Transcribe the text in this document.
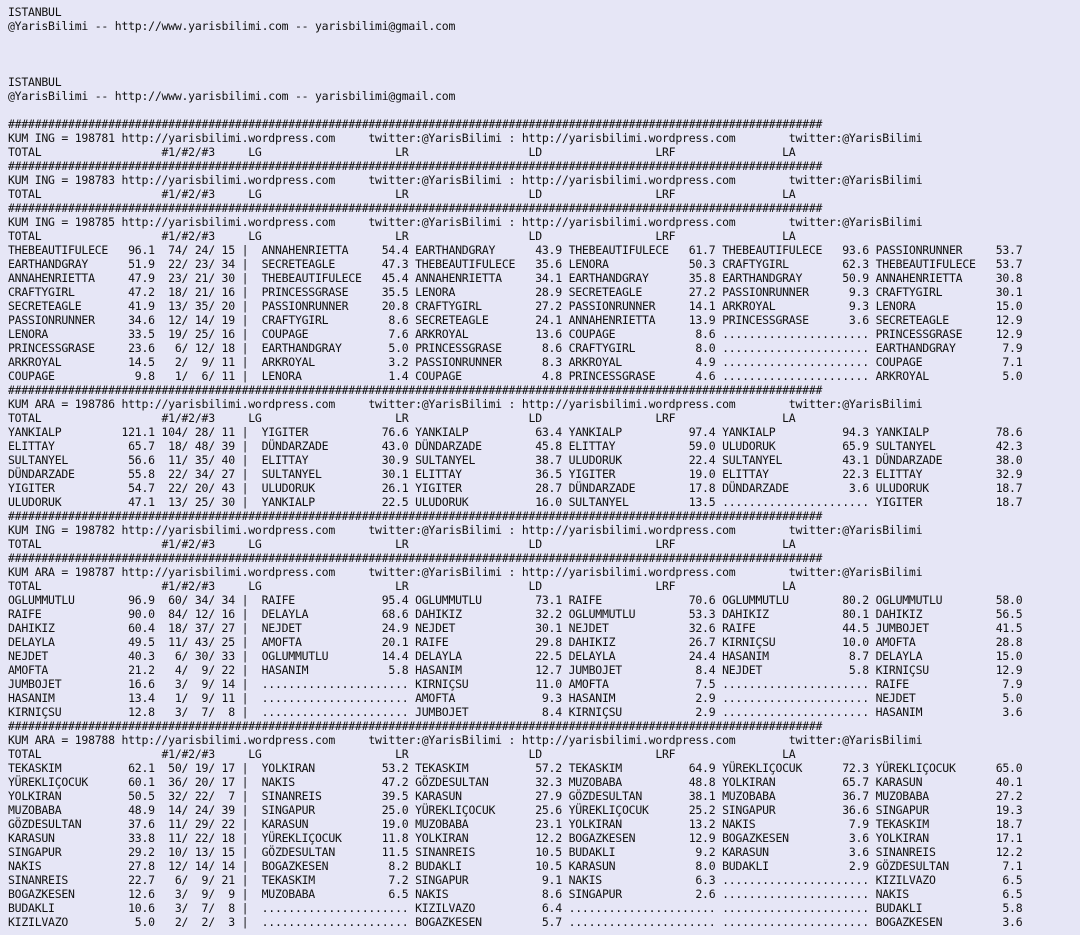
ISTANBUL
@YarisBilimi -- http://www.yarisbilimi.com -- yarisbilimi@gmail.com
ISTANBUL
@YarisBilimi -- http://www.yarisbilimi.com -- yarisbilimi@gmail.com
##########################################################################################################################
KUM ING = 198781 http://yarisbilimi.wordpress.com     twitter:@YarisBilimi : http://yarisbilimi.wordpress.com        twitter:@YarisBilimi
TOTAL                  #1/#2/#3     LG                    LR                  LD                 LRF                LA
##########################################################################################################################
KUM ING = 198783 http://yarisbilimi.wordpress.com     twitter:@YarisBilimi : http://yarisbilimi.wordpress.com        twitter:@YarisBilimi
TOTAL                  #1/#2/#3     LG                    LR                  LD                 LRF                LA
##########################################################################################################################
KUM ING = 198785 http://yarisbilimi.wordpress.com     twitter:@YarisBilimi : http://yarisbilimi.wordpress.com        twitter:@YarisBilimi
TOTAL                  #1/#2/#3     LG                    LR                  LD                 LRF                LA
THEBEAUTIFULECE   96.1  74/ 24/ 15 |  ANNAHENRIETTA     54.4 EARTHANDGRAY      43.9 THEBEAUTIFULECE   61.7 THEBEAUTIFULECE   93.6 PASSIONRUNNER     53.7
EARTHANDGRAY      51.9  22/ 23/ 34 |  SECRETEAGLE       47.3 THEBEAUTIFULECE   35.6 LENORA            50.3 CRAFTYGIRL        62.3 THEBEAUTIFULECE   53.7
ANNAHENRIETTA     47.9  23/ 21/ 30 |  THEBEAUTIFULECE   45.4 ANNAHENRIETTA     34.1 EARTHANDGRAY      35.8 EARTHANDGRAY      50.9 ANNAHENRIETTA     30.8
CRAFTYGIRL        47.2  18/ 21/ 16 |  PRINCESSGRASE     35.5 LENORA            28.9 SECRETEAGLE       27.2 PASSIONRUNNER      9.3 CRAFTYGIRL        30.1
SECRETEAGLE       41.9  13/ 35/ 20 |  PASSIONRUNNER     20.8 CRAFTYGIRL        27.2 PASSIONRUNNER     14.1 ARKROYAL           9.3 LENORA            15.0
PASSIONRUNNER     34.6  12/ 14/ 19 |  CRAFTYGIRL         8.6 SECRETEAGLE       24.1 ANNAHENRIETTA     13.9 PRINCESSGRASE      3.6 SECRETEAGLE       12.9
LENORA            33.5  19/ 25/ 16 |  COUPAGE            7.6 ARKROYAL          13.6 COUPAGE            8.6 ...................... PRINCESSGRASE     12.9
PRINCESSGRASE     23.6   6/ 12/ 18 |  EARTHANDGRAY       5.0 PRINCESSGRASE      8.6 CRAFTYGIRL         8.0 ...................... EARTHANDGRAY       7.9
ARKROYAL          14.5   2/  9/ 11 |  ARKROYAL           3.2 PASSIONRUNNER      8.3 ARKROYAL           4.9 ...................... COUPAGE            7.1
COUPAGE            9.8   1/  6/ 11 |  LENORA             1.4 COUPAGE            4.8 PRINCESSGRASE      4.6 ...................... ARKROYAL           5.0
##########################################################################################################################
KUM ARA = 198786 http://yarisbilimi.wordpress.com     twitter:@YarisBilimi : http://yarisbilimi.wordpress.com        twitter:@YarisBilimi
TOTAL                  #1/#2/#3     LG                    LR                  LD                 LRF                LA
YANKIALP         121.1 104/ 28/ 11 |  YIGITER           76.6 YANKIALP          63.4 YANKIALP          97.4 YANKIALP          94.3 YANKIALP          78.6
ELITTAY           65.7  18/ 48/ 39 |  DÜNDARZADE        43.0 DÜNDARZADE        45.8 ELITTAY           59.0 ULUDORUK          65.9 SULTANYEL         42.3
SULTANYEL         56.6  11/ 35/ 40 |  ELITTAY           30.9 SULTANYEL         38.7 ULUDORUK          22.4 SULTANYEL         43.1 DÜNDARZADE        38.0
DÜNDARZADE        55.8  22/ 34/ 27 |  SULTANYEL         30.1 ELITTAY           36.5 YIGITER           19.0 ELITTAY           22.3 ELITTAY           32.9
YIGITER           54.7  22/ 20/ 43 |  ULUDORUK          26.1 YIGITER           28.7 DÜNDARZADE        17.8 DÜNDARZADE         3.6 ULUDORUK          18.7
ULUDORUK          47.1  13/ 25/ 30 |  YANKIALP          22.5 ULUDORUK          16.0 SULTANYEL         13.5 ...................... YIGITER           18.7
##########################################################################################################################
KUM ING = 198782 http://yarisbilimi.wordpress.com     twitter:@YarisBilimi : http://yarisbilimi.wordpress.com        twitter:@YarisBilimi
TOTAL                  #1/#2/#3     LG                    LR                  LD                 LRF                LA
##########################################################################################################################
KUM ARA = 198787 http://yarisbilimi.wordpress.com     twitter:@YarisBilimi : http://yarisbilimi.wordpress.com        twitter:@YarisBilimi
TOTAL                  #1/#2/#3     LG                    LR                  LD                 LRF                LA
OGLUMMUTLU        96.9  60/ 34/ 34 |  RAIFE             95.4 OGLUMMUTLU        73.1 RAIFE             70.6 OGLUMMUTLU        80.2 OGLUMMUTLU        58.0
RAIFE             90.0  84/ 12/ 16 |  DELAYLA           68.6 DAHIKIZ           32.2 OGLUMMUTLU        53.3 DAHIKIZ           80.1 DAHIKIZ           56.5
DAHIKIZ           60.4  18/ 37/ 27 |  NEJDET            24.9 NEJDET            30.1 NEJDET            32.6 RAIFE             44.5 JUMBOJET          41.5
DELAYLA           49.5  11/ 43/ 25 |  AMOFTA            20.1 RAIFE             29.8 DAHIKIZ           26.7 KIRNIÇSU          10.0 AMOFTA            28.8
NEJDET            40.3   6/ 30/ 33 |  OGLUMMUTLU        14.4 DELAYLA           22.5 DELAYLA           24.4 HASANIM            8.7 DELAYLA           15.0
AMOFTA            21.2   4/  9/ 22 |  HASANIM            5.8 HASANIM           12.7 JUMBOJET           8.4 NEJDET             5.8 KIRNIÇSU          12.9
JUMBOJET          16.6   3/  9/ 14 |  ...................... KIRNIÇSU          11.0 AMOFTA             7.5 ...................... RAIFE              7.9
HASANIM           13.4   1/  9/ 11 |  ...................... AMOFTA             9.3 HASANIM            2.9 ...................... NEJDET             5.0
KIRNIÇSU          12.8   3/  7/  8 |  ...................... JUMBOJET           8.4 KIRNIÇSU           2.9 ...................... HASANIM            3.6
##########################################################################################################################
KUM ARA = 198788 http://yarisbilimi.wordpress.com     twitter:@YarisBilimi : http://yarisbilimi.wordpress.com        twitter:@YarisBilimi
TOTAL                  #1/#2/#3     LG                    LR                  LD                 LRF                LA
TEKASKIM          62.1  50/ 19/ 17 |  YOLKIRAN          53.2 TEKASKIM          57.2 TEKASKIM          64.9 YÜREKLIÇOCUK      72.3 YÜREKLIÇOCUK      65.0
YÜREKLIÇOCUK      60.1  36/ 20/ 17 |  NAKIS             47.2 GÖZDESULTAN       32.3 MUZOBABA          48.8 YOLKIRAN          65.7 KARASUN           40.1
YOLKIRAN          50.5  32/ 22/  7 |  SINANREIS         39.5 KARASUN           27.9 GÖZDESULTAN       38.1 MUZOBABA          36.7 MUZOBABA          27.2
MUZOBABA          48.9  14/ 24/ 39 |  SINGAPUR          25.0 YÜREKLIÇOCUK      25.6 YÜREKLIÇOCUK      25.2 SINGAPUR          36.6 SINGAPUR          19.3
GÖZDESULTAN       37.6  11/ 29/ 22 |  KARASUN           19.0 MUZOBABA          23.1 YOLKIRAN          13.2 NAKIS              7.9 TEKASKIM          18.7
KARASUN           33.8  11/ 22/ 18 |  YÜREKLIÇOCUK      11.8 YOLKIRAN          12.2 BOGAZKESEN        12.9 BOGAZKESEN         3.6 YOLKIRAN          17.1
SINGAPUR          29.2  10/ 13/ 15 |  GÖZDESULTAN       11.5 SINANREIS         10.5 BUDAKLI            9.2 KARASUN            3.6 SINANREIS         12.2
NAKIS             27.8  12/ 14/ 14 |  BOGAZKESEN         8.2 BUDAKLI           10.5 KARASUN            8.0 BUDAKLI            2.9 GÖZDESULTAN        7.1
SINANREIS         22.7   6/  9/ 21 |  TEKASKIM           7.2 SINGAPUR           9.1 NAKIS              6.3 ...................... KIZILVAZO          6.5
BOGAZKESEN        12.6   3/  9/  9 |  MUZOBABA           6.5 NAKIS              8.6 SINGAPUR           2.6 ...................... NAKIS              6.5
BUDAKLI           10.6   3/  7/  8 |  ...................... KIZILVAZO          6.4 ...................... ...................... BUDAKLI            5.8
KIZILVAZO          5.0   2/  2/  3 |  ...................... BOGAZKESEN         5.7 ...................... ...................... BOGAZKESEN         3.6
